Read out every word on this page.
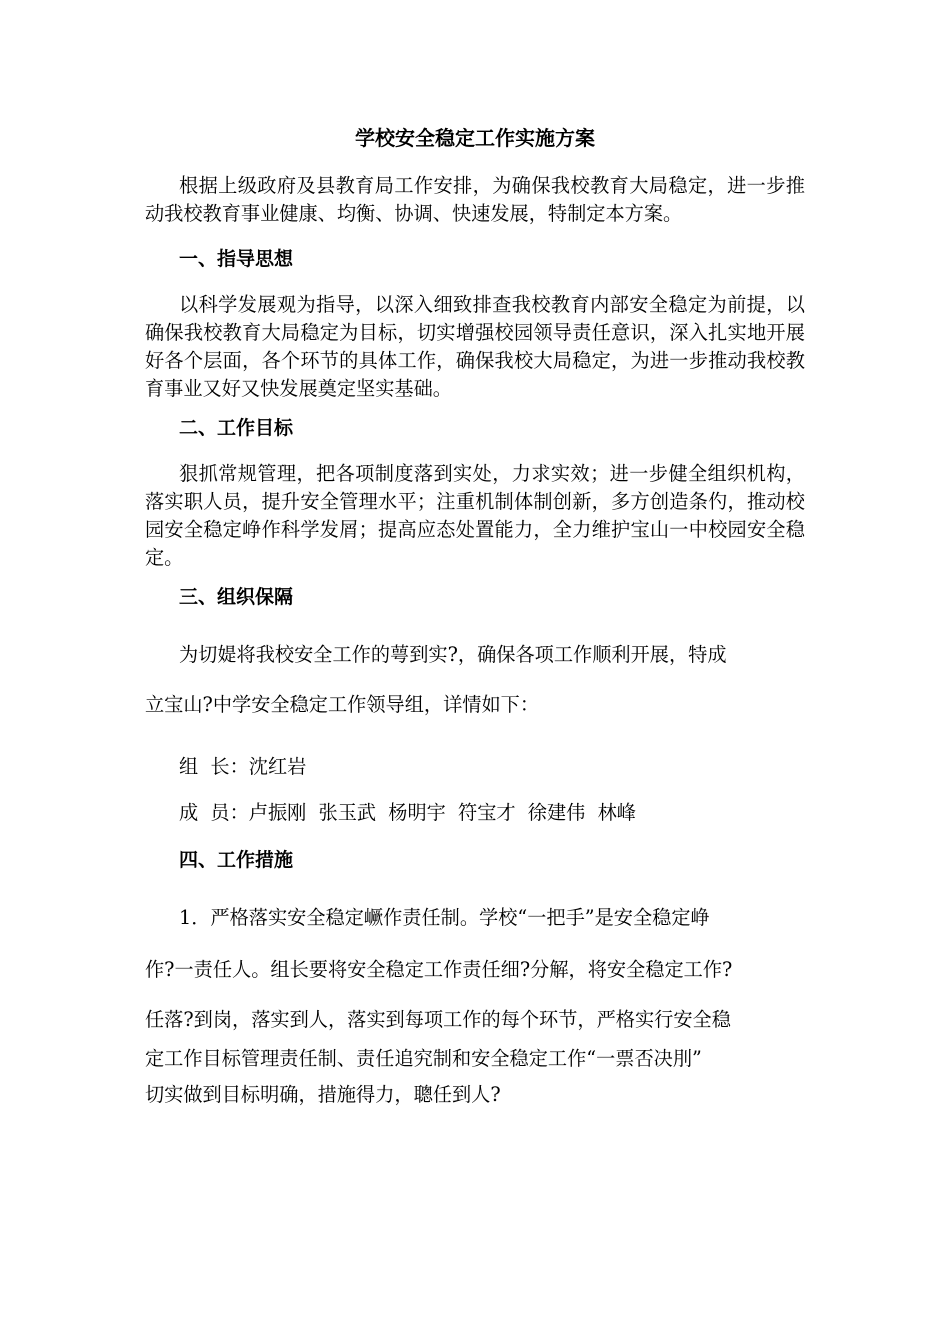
学校安全稳定工作实施方案

根据上级政府及县教育局工作安排，为确保我校教育大局稳定，进一步推动我校教育事业健康、均衡、协调、快速发展，特制定本方案。

一、指导思想

以科学发展观为指导，以深入细致排查我校教育内部安全稳定为前提，以确保我校教育大局稳定为目标，切实增强校园领导责任意识，深入扎实地开展好各个层面，各个环节的具体工作，确保我校大局稳定，为进一步推动我校教育事业又好又快发展奠定坚实基础。

二、工作目标

狠抓常规管理，把各项制度落到实处，力求实效；进一步健全组织机构，落实职人员，提升安全管理水平；注重机制体制创新，多方创造条仢，推动校园安全稳定峥作科学发屑；提高应态处置能力，全力维护宝山一中校园安全稳定。

三、组织保隔

为切媞将我校安全工作的萼到实?，确保各项工作顺利开展，特成

立宝山?中学安全稳定工作领导组，详情如下：

组  长：沈红岩

成  员：卢振刚  张玉武  杨明宇  符宝才  徐建伟  林峰

四、工作措施

1．严格落实安全稳定嶥作责任制。学校“一把手”是安全稳定峥

作?一责任人。组长要将安全稳定工作责任细?分解，将安全稳定工作?

任落?到岗，落实到人，落实到每项工作的每个环节，严格实行安全稳

定工作目标管理责任制、责任追究制和安全稳定工作“一票否决刖”

切实做到目标明确，措施得力，聰任到人?
